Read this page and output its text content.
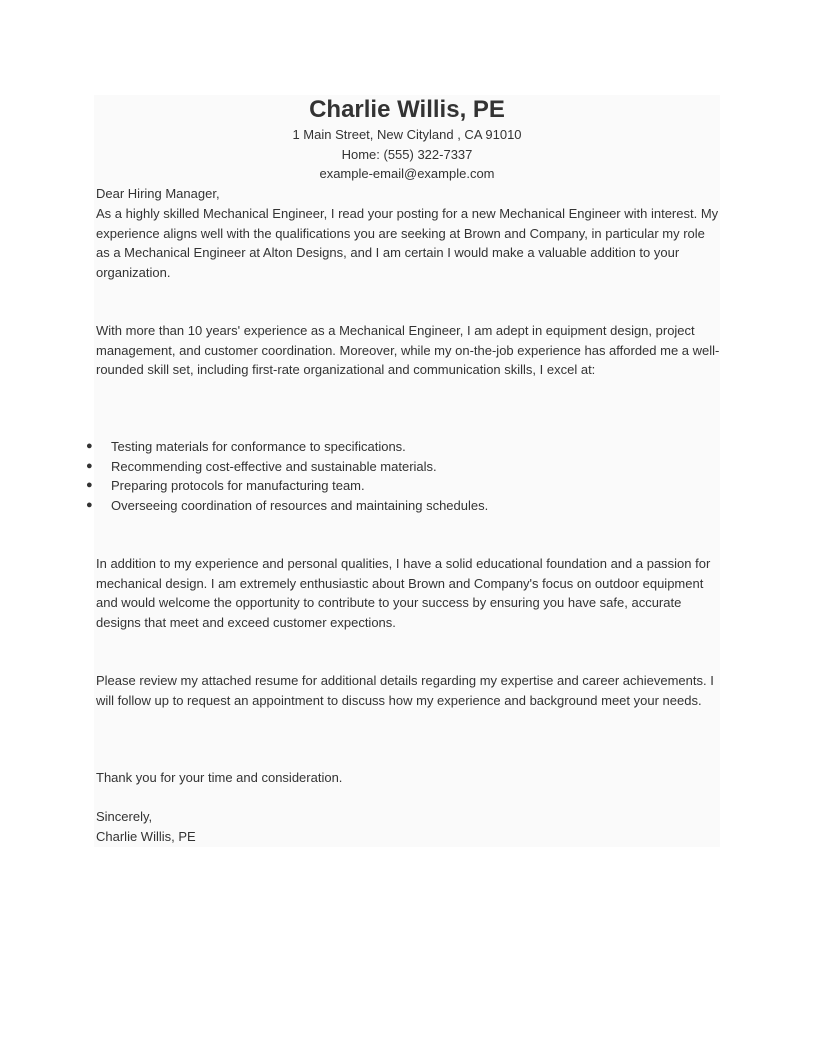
Charlie Willis, PE
1 Main Street, New Cityland , CA 91010
Home: (555) 322-7337
example-email@example.com

Dear Hiring Manager,

As a highly skilled Mechanical Engineer, I read your posting for a new Mechanical Engineer with interest. My experience aligns well with the qualifications you are seeking at Brown and Company, in particular my role as a Mechanical Engineer at Alton Designs, and I am certain I would make a valuable addition to your organization.

With more than 10 years' experience as a Mechanical Engineer, I am adept in equipment design, project management, and customer coordination. Moreover, while my on-the-job experience has afforded me a well-rounded skill set, including first-rate organizational and communication skills, I excel at:

● Testing materials for conformance to specifications.
● Recommending cost-effective and sustainable materials.
● Preparing protocols for manufacturing team.
● Overseeing coordination of resources and maintaining schedules.

In addition to my experience and personal qualities, I have a solid educational foundation and a passion for mechanical design. I am extremely enthusiastic about Brown and Company's focus on outdoor equipment and would welcome the opportunity to contribute to your success by ensuring you have safe, accurate designs that meet and exceed customer expections.

Please review my attached resume for additional details regarding my expertise and career achievements. I will follow up to request an appointment to discuss how my experience and background meet your needs.

Thank you for your time and consideration.

Sincerely,

Charlie Willis, PE
